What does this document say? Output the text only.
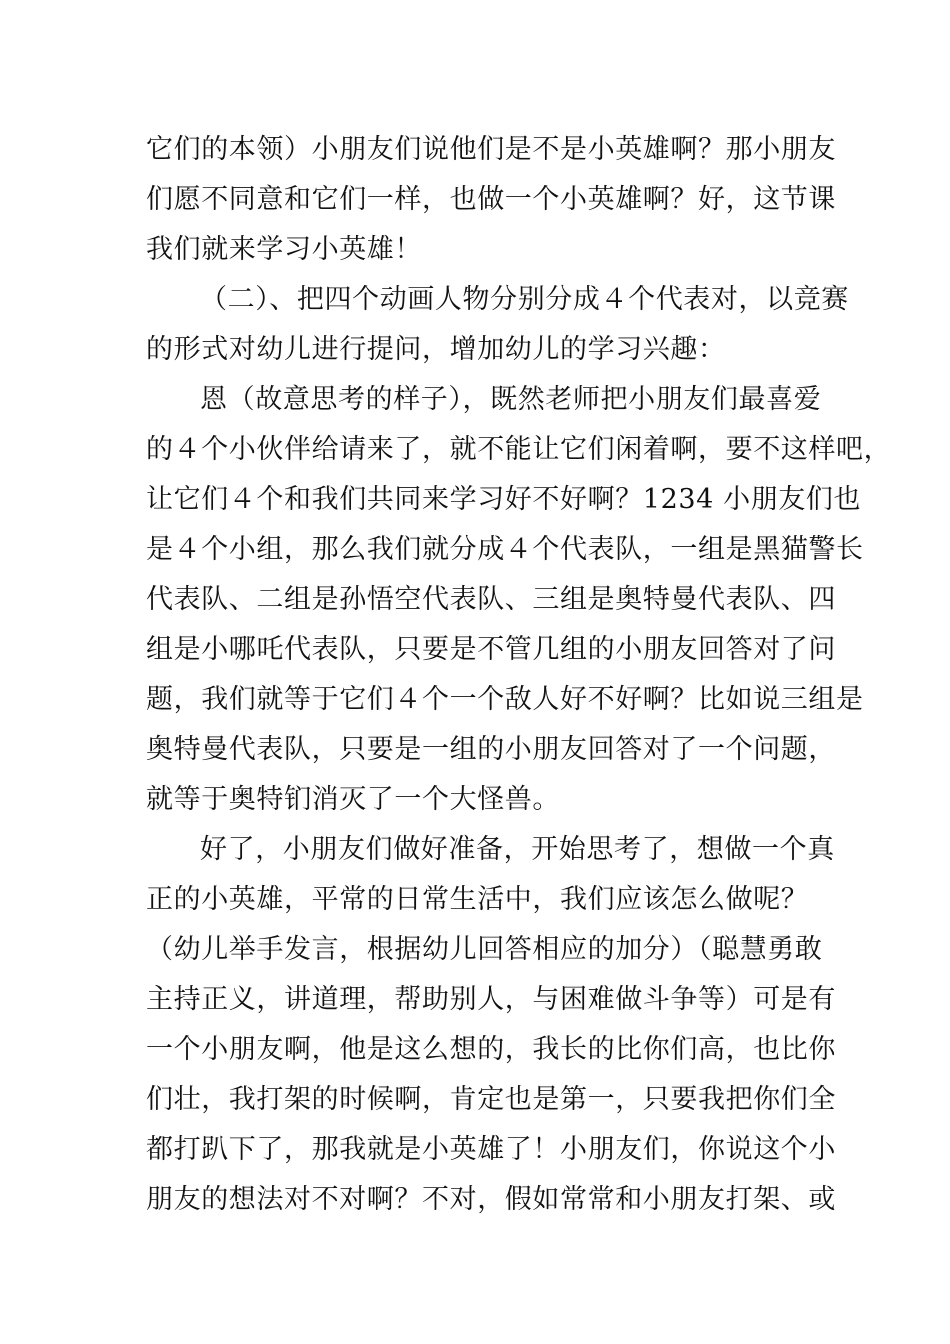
它们的本领）小朋友们说他们是不是小英雄啊？那小朋友
们愿不同意和它们一样，也做一个小英雄啊？好，这节课
我们就来学习小英雄！
（二）、把四个动画人物分别分成４个代表对，以竞赛
的形式对幼儿进行提问，增加幼儿的学习兴趣：
恩（故意思考的样子），既然老师把小朋友们最喜爱
的４个小伙伴给请来了，就不能让它们闲着啊，要不这样吧，
让它们４个和我们共同来学习好不好啊？1234 小朋友们也
是４个小组，那么我们就分成４个代表队，一组是黑猫警长
代表队、二组是孙悟空代表队、三组是奥特曼代表队、四
组是小哪吒代表队，只要是不管几组的小朋友回答对了问
题，我们就等于它们４个一个敌人好不好啊？比如说三组是
奥特曼代表队，只要是一组的小朋友回答对了一个问题，
就等于奥特钔消灭了一个大怪兽。
好了，小朋友们做好准备，开始思考了，想做一个真
正的小英雄，平常的日常生活中，我们应该怎么做呢？
（幼儿举手发言，根据幼儿回答相应的加分）（聪慧勇敢
主持正义，讲道理，帮助别人，与困难做斗争等）可是有
一个小朋友啊，他是这么想的，我长的比你们高，也比你
们壮，我打架的时候啊，肯定也是第一，只要我把你们全
都打趴下了，那我就是小英雄了！小朋友们，你说这个小
朋友的想法对不对啊？不对，假如常常和小朋友打架、或
